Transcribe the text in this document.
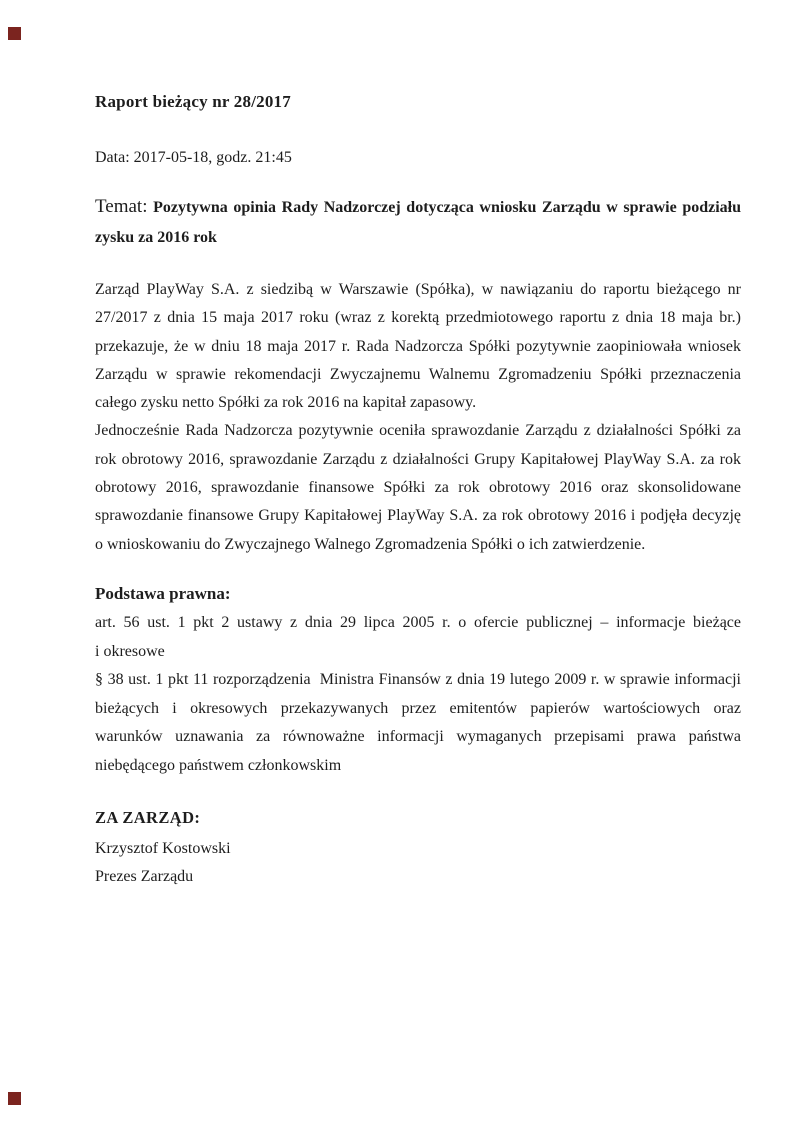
Raport bieżący nr 28/2017

Data: 2017-05-18, godz. 21:45

Temat: Pozytywna opinia Rady Nadzorczej dotycząca wniosku Zarządu w sprawie podziału
zysku za 2016 rok
Zarząd PlayWay S.A. z siedzibą w Warszawie (Spółka), w nawiązaniu do raportu bieżącego nr
27/2017 z dnia 15 maja 2017 roku (wraz z korektą przedmiotowego raportu z dnia 18 maja br.)
przekazuje, że w dniu 18 maja 2017 r. Rada Nadzorcza Spółki pozytywnie zaopiniowała wniosek
Zarządu w sprawie rekomendacji Zwyczajnemu Walnemu Zgromadzeniu Spółki przeznaczenia
całego zysku netto Spółki za rok 2016 na kapitał zapasowy.
Jednocześnie Rada Nadzorcza pozytywnie oceniła sprawozdanie Zarządu z działalności Spółki za
rok obrotowy 2016, sprawozdanie Zarządu z działalności Grupy Kapitałowej PlayWay S.A. za rok
obrotowy 2016, sprawozdanie finansowe Spółki za rok obrotowy 2016 oraz skonsolidowane
sprawozdanie finansowe Grupy Kapitałowej PlayWay S.A. za rok obrotowy 2016 i podjęła decyzję
o wnioskowaniu do Zwyczajnego Walnego Zgromadzenia Spółki o ich zatwierdzenie.
Podstawa prawna:
art. 56 ust. 1 pkt 2 ustawy z dnia 29 lipca 2005 r. o ofercie publicznej – informacje bieżące
i okresowe
§ 38 ust. 1 pkt 11 rozporządzenia  Ministra Finansów z dnia 19 lutego 2009 r. w sprawie informacji
bieżących i okresowych przekazywanych przez emitentów papierów wartościowych oraz
warunków uznawania za równoważne informacji wymaganych przepisami prawa państwa
niebędącego państwem członkowskim
ZA ZARZĄD:

Krzysztof Kostowski

Prezes Zarządu
